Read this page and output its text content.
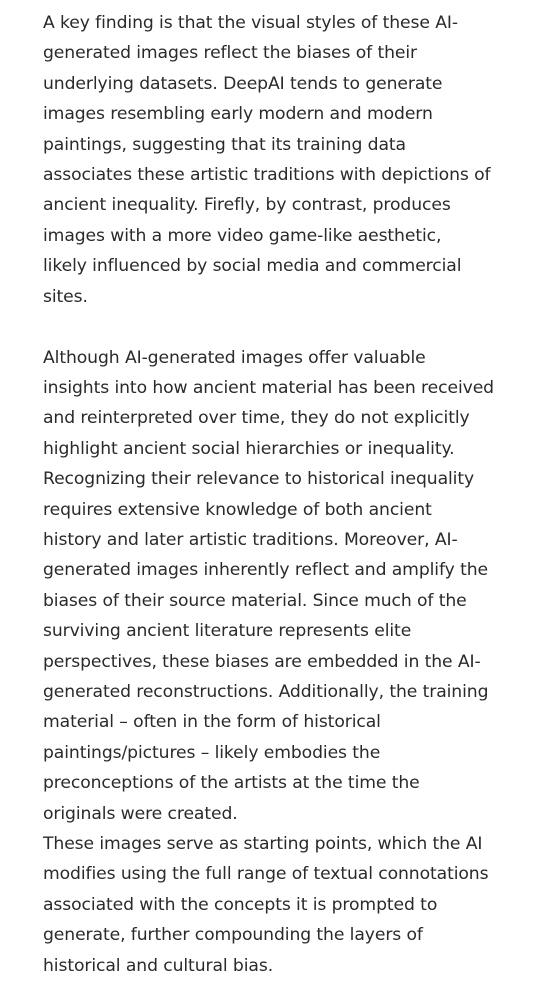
A key finding is that the visual styles of these AI-
generated images reflect the biases of their
underlying datasets. DeepAI tends to generate
images resembling early modern and modern
paintings, suggesting that its training data
associates these artistic traditions with depictions of
ancient inequality. Firefly, by contrast, produces
images with a more video game-like aesthetic,
likely influenced by social media and commercial
sites.

Although AI-generated images offer valuable
insights into how ancient material has been received
and reinterpreted over time, they do not explicitly
highlight ancient social hierarchies or inequality.
Recognizing their relevance to historical inequality
requires extensive knowledge of both ancient
history and later artistic traditions. Moreover, AI-
generated images inherently reflect and amplify the
biases of their source material. Since much of the
surviving ancient literature represents elite
perspectives, these biases are embedded in the AI-
generated reconstructions. Additionally, the training
material – often in the form of historical
paintings/pictures – likely embodies the
preconceptions of the artists at the time the
originals were created.

These images serve as starting points, which the AI
modifies using the full range of textual connotations
associated with the concepts it is prompted to
generate, further compounding the layers of
historical and cultural bias.
